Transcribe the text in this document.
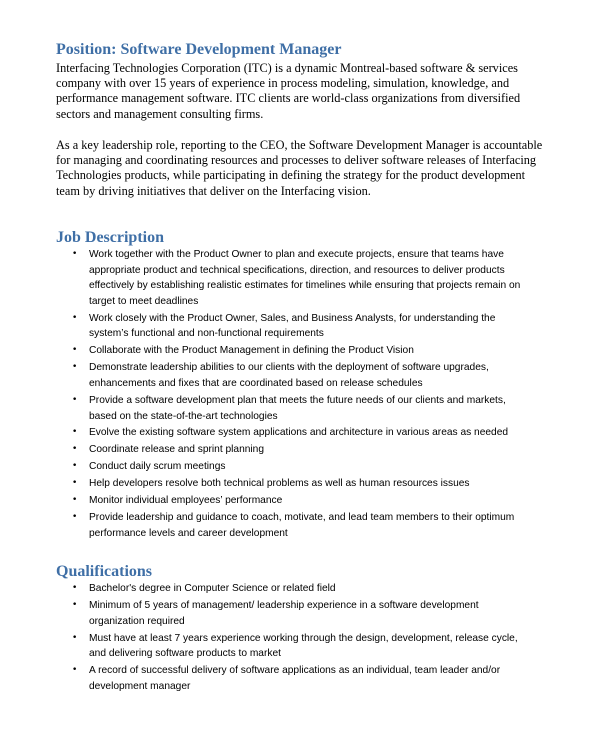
Position: Software Development Manager

Interfacing Technologies Corporation (ITC) is a dynamic Montreal-based software & services
company with over 15 years of experience in process modeling, simulation, knowledge, and
performance management software. ITC clients are world-class organizations from diversified
sectors and management consulting firms.

As a key leadership role, reporting to the CEO, the Software Development Manager is accountable
for managing and coordinating resources and processes to deliver software releases of Interfacing
Technologies products, while participating in defining the strategy for the product development
team by driving initiatives that deliver on the Interfacing vision.

Job Description
• Work together with the Product Owner to plan and execute projects, ensure that teams have
appropriate product and technical specifications, direction, and resources to deliver products
effectively by establishing realistic estimates for timelines while ensuring that projects remain on
target to meet deadlines
• Work closely with the Product Owner, Sales, and Business Analysts, for understanding the
system’s functional and non-functional requirements
• Collaborate with the Product Management in defining the Product Vision
• Demonstrate leadership abilities to our clients with the deployment of software upgrades,
enhancements and fixes that are coordinated based on release schedules
• Provide a software development plan that meets the future needs of our clients and markets,
based on the state-of-the-art technologies
• Evolve the existing software system applications and architecture in various areas as needed
• Coordinate release and sprint planning
• Conduct daily scrum meetings
• Help developers resolve both technical problems as well as human resources issues
• Monitor individual employees’ performance
• Provide leadership and guidance to coach, motivate, and lead team members to their optimum
performance levels and career development
Qualifications
• Bachelor's degree in Computer Science or related field
• Minimum of 5 years of management/ leadership experience in a software development
organization required
• Must have at least 7 years experience working through the design, development, release cycle,
and delivering software products to market
• A record of successful delivery of software applications as an individual, team leader and/or
development manager
